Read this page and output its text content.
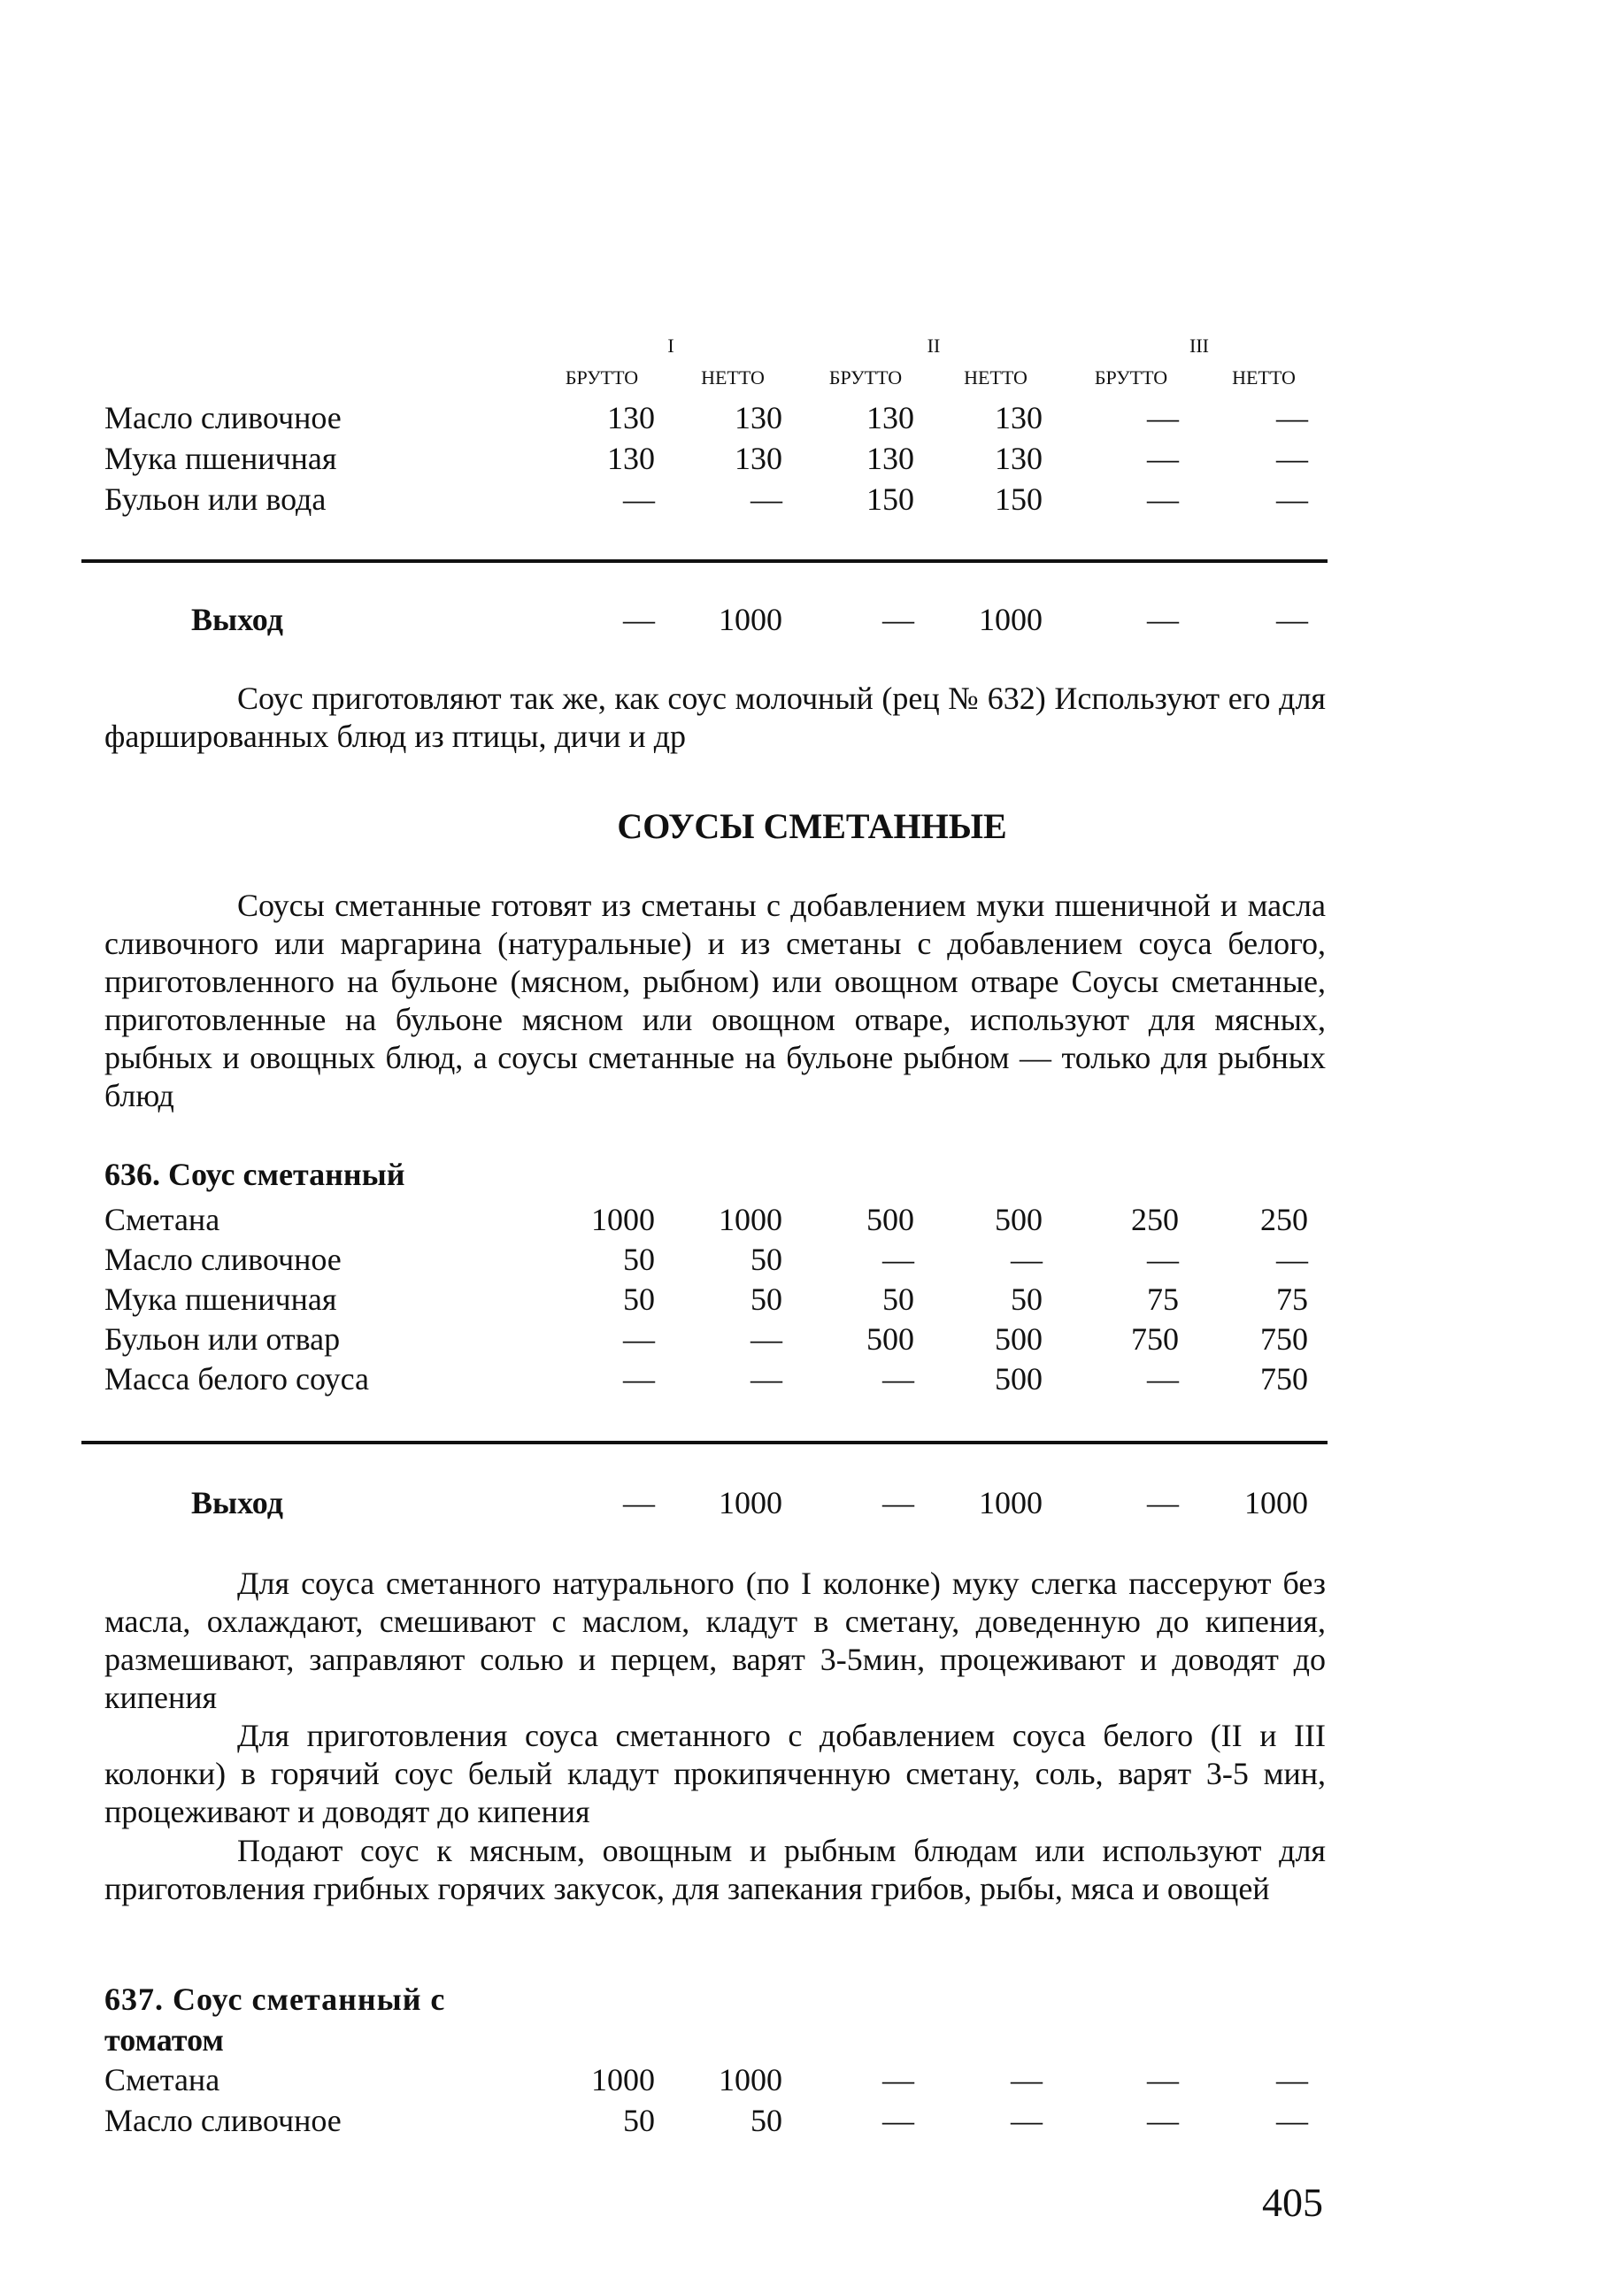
I	II	III
БРУТТО	НЕТТО	БРУТТО	НЕТТО	БРУТТО	НЕТТО
Масло сливочное	130	130	130	130	—	—
Мука пшеничная	130	130	130	130	—	—
Бульон или вода	—	—	150	150	—	—
Выход	—	1000	—	1000	—	—
Соус приготовляют так же, как соус молочный (рец № 632) Используют его для фаршированных блюд из птицы, дичи и др
СОУСЫ СМЕТАННЫЕ
Соусы сметанные готовят из сметаны с добавлением муки пшеничной и масла сливочного или маргарина (натуральные) и из сметаны с добавлением соуса белого, приготовленного на бульоне (мясном, рыбном) или овощном отваре Соусы сметанные, приготовленные на бульоне мясном или овощном отваре, используют для мясных, рыбных и овощных блюд, а соусы сметанные на бульоне рыбном — только для рыбных блюд
636. Соус сметанный
Сметана	1000	1000	500	500	250	250
Масло сливочное	50	50	—	—	—	—
Мука пшеничная	50	50	50	50	75	75
Бульон или отвар	—	—	500	500	750	750
Масса белого соуса	—	—	—	500	—	750
Выход	—	1000	—	1000	—	1000
Для соуса сметанного натурального (по I колонке) муку слегка пассеруют без масла, охлаждают, смешивают с маслом, кладут в сметану, доведенную до кипения, размешивают, заправляют солью и перцем, варят 3-5мин, процеживают и доводят до кипения
Для приготовления соуса сметанного с добавлением соуса белого (II и III колонки) в горячий соус белый кладут прокипяченную сметану, соль, варят 3-5 мин, процеживают и доводят до кипения
Подают соус к мясным, овощным и рыбным блюдам или используют для приготовления грибных горячих закусок, для запекания грибов, рыбы, мяса и овощей
637. Соус сметанный с
томатом
Сметана	1000	1000	—	—	—	—
Масло сливочное	50	50	—	—	—	—
405
